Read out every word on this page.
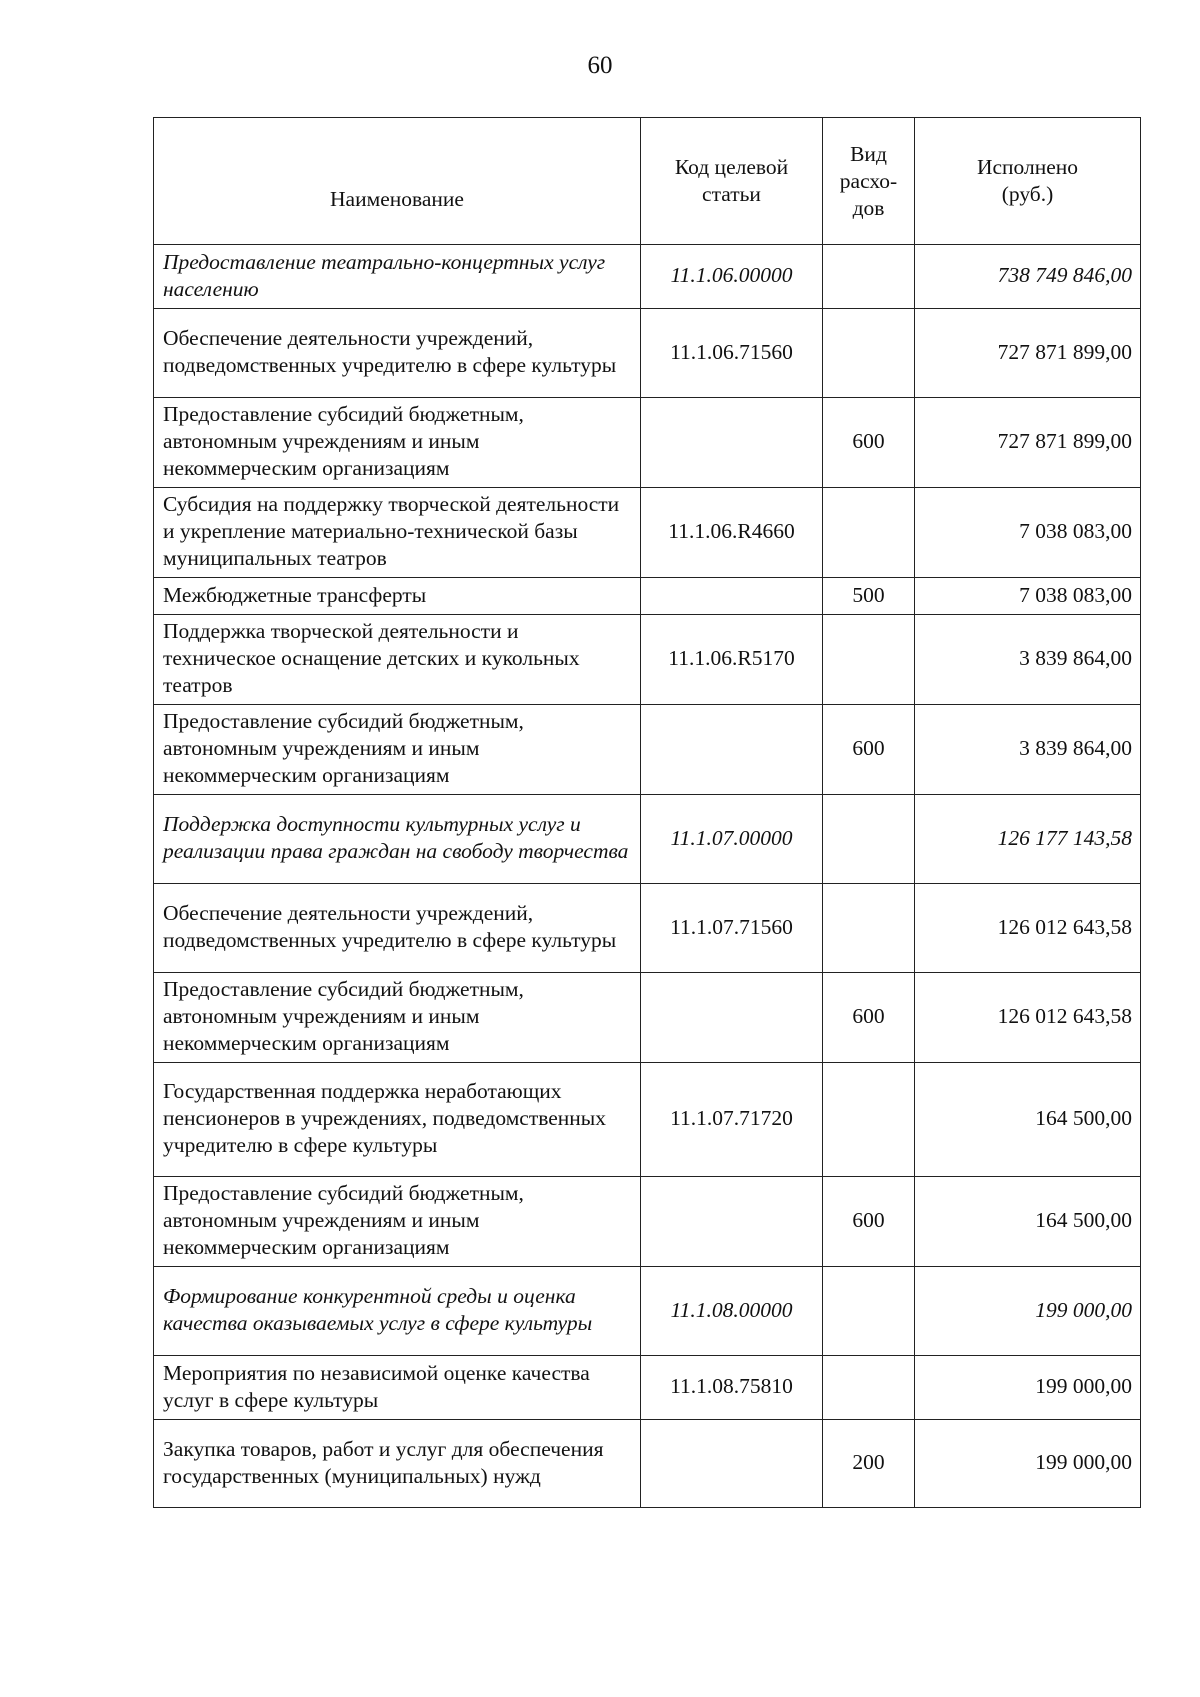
60
Наименование	Код целевой статьи	Вид расхо-дов	Исполнено (руб.)
Предоставление театрально-концертных услуг населению	11.1.06.00000		738 749 846,00
Обеспечение деятельности учреждений, подведомственных учредителю в сфере культуры	11.1.06.71560		727 871 899,00
Предоставление субсидий бюджетным, автономным учреждениям и иным некоммерческим организациям		600	727 871 899,00
Субсидия на поддержку творческой деятельности и укрепление материально-технической базы муниципальных театров	11.1.06.R4660		7 038 083,00
Межбюджетные трансферты		500	7 038 083,00
Поддержка творческой деятельности и техническое оснащение детских и кукольных театров	11.1.06.R5170		3 839 864,00
Предоставление субсидий бюджетным, автономным учреждениям и иным некоммерческим организациям		600	3 839 864,00
Поддержка доступности культурных услуг и реализации права граждан на свободу творчества	11.1.07.00000		126 177 143,58
Обеспечение деятельности учреждений, подведомственных учредителю в сфере культуры	11.1.07.71560		126 012 643,58
Предоставление субсидий бюджетным, автономным учреждениям и иным некоммерческим организациям		600	126 012 643,58
Государственная поддержка неработающих пенсионеров в учреждениях, подведомственных учредителю в сфере культуры	11.1.07.71720		164 500,00
Предоставление субсидий бюджетным, автономным учреждениям и иным некоммерческим организациям		600	164 500,00
Формирование конкурентной среды и оценка качества оказываемых услуг в сфере культуры	11.1.08.00000		199 000,00
Мероприятия по независимой оценке качества услуг в сфере культуры	11.1.08.75810		199 000,00
Закупка товаров, работ и услуг для обеспечения государственных (муниципальных) нужд		200	199 000,00
